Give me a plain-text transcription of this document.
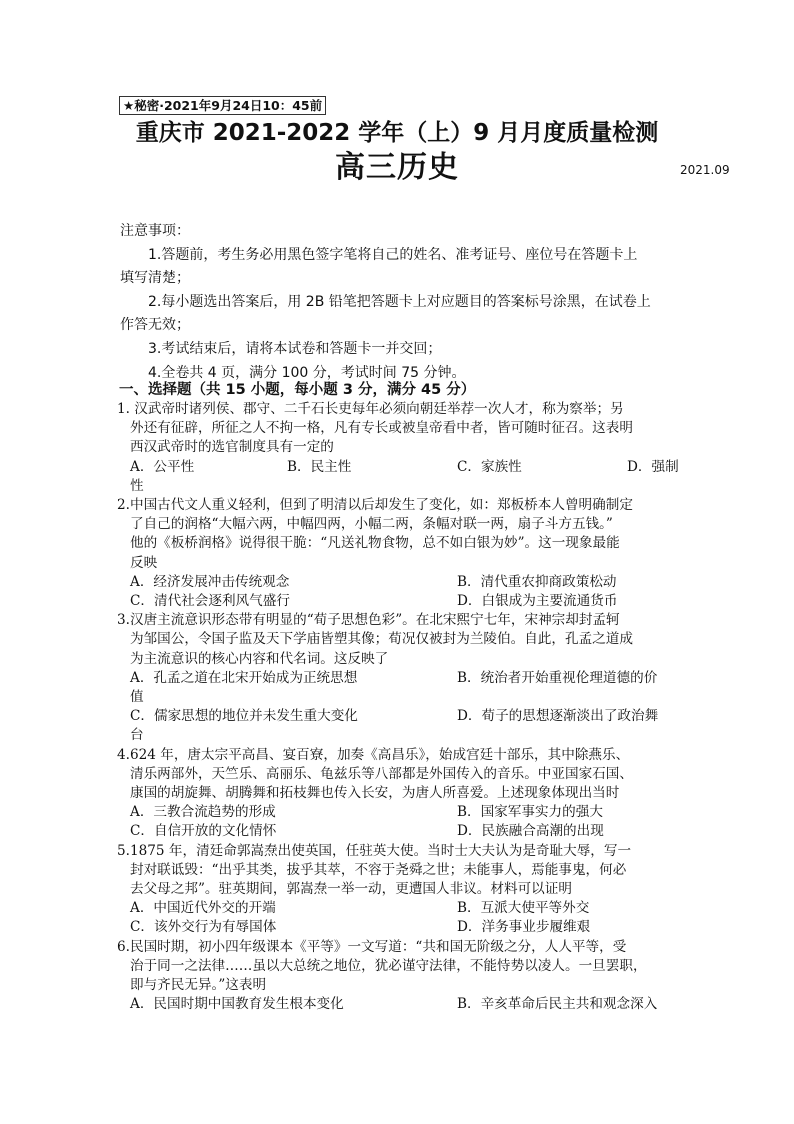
★秘密·2021年9月24日10：45前
重庆市 2021-2022 学年（上）9 月月度质量检测
高三历史	2021.09
注意事项：
1.答题前，考生务必用黑色签字笔将自己的姓名、准考证号、座位号在答题卡上
填写清楚；
2.每小题选出答案后，用 2B 铅笔把答题卡上对应题目的答案标号涂黑，在试卷上
作答无效；
3.考试结束后，请将本试卷和答题卡一并交回；
4.全卷共 4 页，满分 100 分，考试时间 75 分钟。
一、选择题（共 15 小题，每小题 3 分，满分 45 分）
1. 汉武帝时诸列侯、郡守、二千石长吏每年必须向朝廷举荐一次人才，称为察举；另
外还有征辟，所征之人不拘一格，凡有专长或被皇帝看中者，皆可随时征召。这表明
西汉武帝时的选官制度具有一定的
A．公平性	B．民主性	C．家族性	D．强制
性
2.中国古代文人重义轻利，但到了明清以后却发生了变化，如：郑板桥本人曾明确制定
了自己的润格“大幅六两，中幅四两，小幅二两，条幅对联一两，扇子斗方五钱。”
他的《板桥润格》说得很干脆：“凡送礼物食物，总不如白银为妙”。这一现象最能
反映
A．经济发展冲击传统观念	B．清代重农抑商政策松动
C．清代社会逐利风气盛行	D．白银成为主要流通货币
3.汉唐主流意识形态带有明显的“荀子思想色彩”。在北宋熙宁七年，宋神宗却封孟轲
为邹国公，令国子监及天下学庙皆塑其像；荀况仅被封为兰陵伯。自此，孔孟之道成
为主流意识的核心内容和代名词。这反映了
A．孔孟之道在北宋开始成为正统思想	B．统治者开始重视伦理道德的价
值
C．儒家思想的地位并未发生重大变化	D．荀子的思想逐渐淡出了政治舞
台
4.624 年，唐太宗平高昌、宴百寮，加奏《高昌乐》，始成宫廷十部乐，其中除燕乐、
清乐两部外，天竺乐、高丽乐、龟兹乐等八部都是外国传入的音乐。中亚国家石国、
康国的胡旋舞、胡腾舞和拓枝舞也传入长安，为唐人所喜爱。上述现象体现出当时
A．三教合流趋势的形成	B．国家军事实力的强大
C．自信开放的文化情怀	D．民族融合高潮的出现
5.1875 年，清廷命郭嵩焘出使英国，任驻英大使。当时士大夫认为是奇耻大辱，写一
封对联诋毁：“出乎其类，拔乎其萃，不容于尧舜之世；未能事人，焉能事鬼，何必
去父母之邦”。驻英期间，郭嵩焘一举一动，更遭国人非议。材料可以证明
A．中国近代外交的开端	B．互派大使平等外交
C．该外交行为有辱国体	D．洋务事业步履维艰
6.民国时期，初小四年级课本《平等》一文写道：“共和国无阶级之分，人人平等，受
治于同一之法律……虽以大总统之地位，犹必谨守法律，不能恃势以凌人。一旦罢职，
即与齐民无异。”这表明
A．民国时期中国教育发生根本变化	B．辛亥革命后民主共和观念深入
